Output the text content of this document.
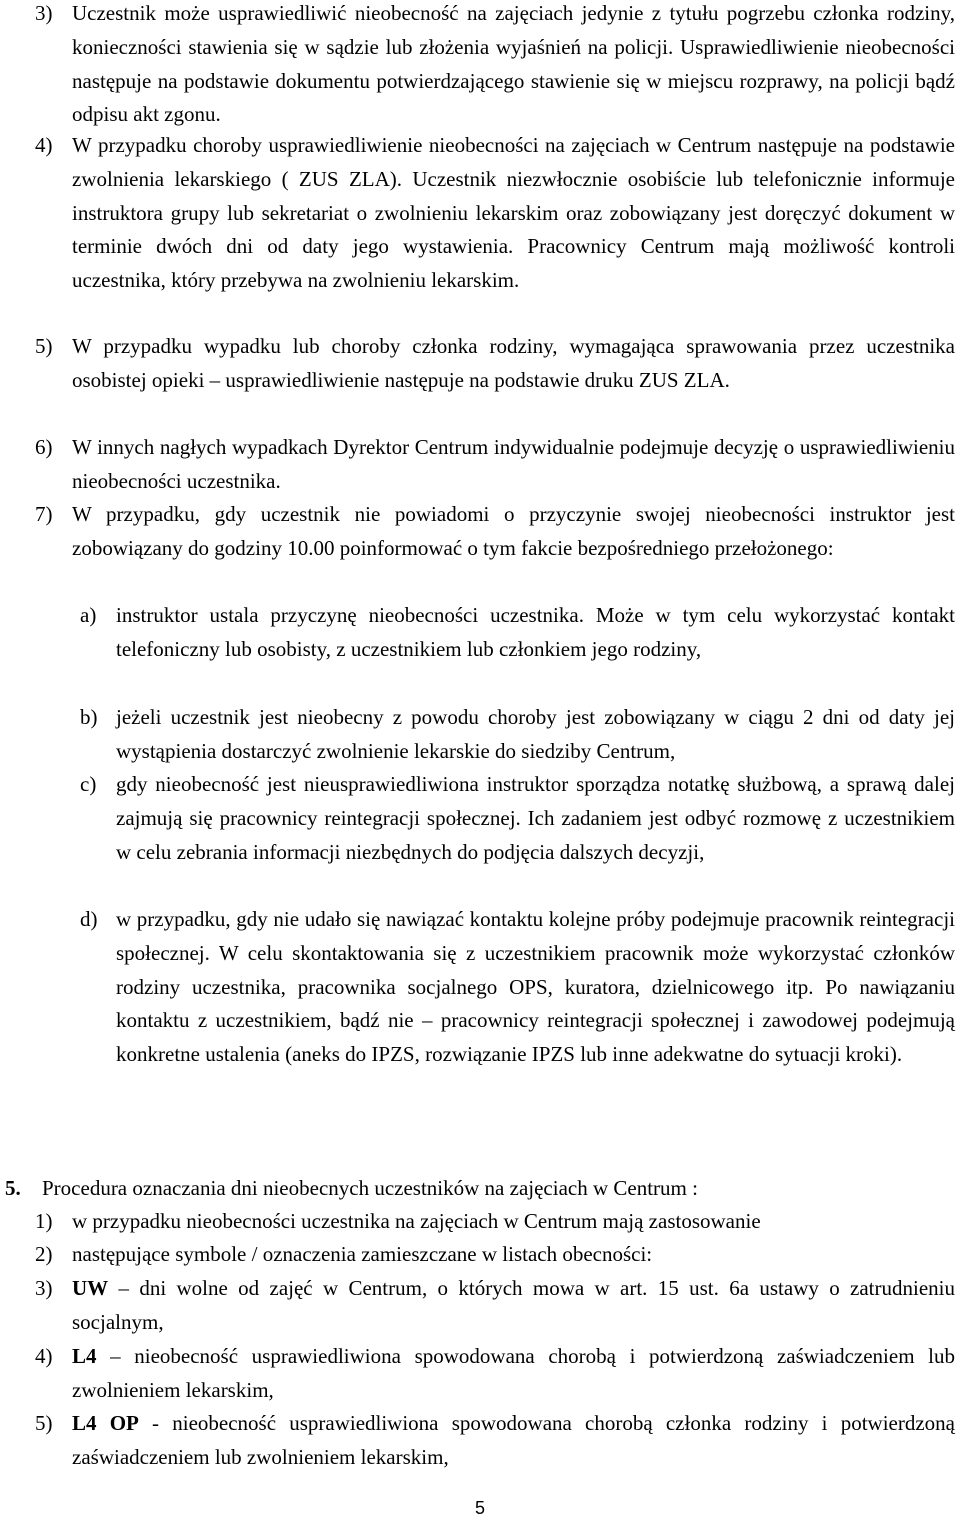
3) Uczestnik może usprawiedliwić nieobecność na zajęciach jedynie z tytułu pogrzebu członka rodziny, konieczności stawienia się w sądzie lub złożenia wyjaśnień na policji. Usprawiedliwienie nieobecności następuje na podstawie dokumentu potwierdzającego stawienie się w miejscu rozprawy, na policji bądź odpisu akt zgonu.
4) W przypadku choroby usprawiedliwienie nieobecności na zajęciach w Centrum następuje na podstawie zwolnienia lekarskiego ( ZUS ZLA). Uczestnik niezwłocznie osobiście lub telefonicznie informuje instruktora grupy lub sekretariat o zwolnieniu lekarskim oraz zobowiązany jest doręczyć dokument w terminie dwóch dni od daty jego wystawienia. Pracownicy Centrum mają możliwość kontroli uczestnika, który przebywa na zwolnieniu lekarskim.
5) W przypadku wypadku lub choroby członka rodziny, wymagająca sprawowania przez uczestnika osobistej opieki – usprawiedliwienie następuje na podstawie druku ZUS ZLA.
6) W innych nagłych wypadkach Dyrektor Centrum indywidualnie podejmuje decyzję o usprawiedliwieniu nieobecności uczestnika.
7) W przypadku, gdy uczestnik nie powiadomi o przyczynie swojej nieobecności instruktor jest zobowiązany do godziny 10.00 poinformować o tym fakcie bezpośredniego przełożonego:
a) instruktor ustala przyczynę nieobecności uczestnika. Może w tym celu wykorzystać kontakt telefoniczny lub osobisty, z uczestnikiem lub członkiem jego rodziny,
b) jeżeli uczestnik jest nieobecny z powodu choroby jest zobowiązany w ciągu 2 dni od daty jej wystąpienia dostarczyć zwolnienie lekarskie do siedziby Centrum,
c) gdy nieobecność jest nieusprawiedliwiona instruktor sporządza notatkę służbową, a sprawą dalej zajmują się pracownicy reintegracji społecznej. Ich zadaniem jest odbyć rozmowę z uczestnikiem w celu zebrania informacji niezbędnych do podjęcia dalszych decyzji,
d) w przypadku, gdy nie udało się nawiązać kontaktu kolejne próby podejmuje pracownik reintegracji społecznej. W celu skontaktowania się z uczestnikiem pracownik może wykorzystać członków rodziny uczestnika, pracownika socjalnego OPS, kuratora, dzielnicowego itp. Po nawiązaniu kontaktu z uczestnikiem, bądź nie – pracownicy reintegracji społecznej i zawodowej podejmują konkretne ustalenia (aneks do IPZS, rozwiązanie IPZS lub inne adekwatne do sytuacji kroki).
5. Procedura oznaczania dni nieobecnych uczestników na zajęciach w Centrum :
1) w przypadku nieobecności uczestnika na zajęciach w Centrum mają zastosowanie
2) następujące symbole / oznaczenia zamieszczane w listach obecności:
3) UW – dni wolne od zajęć w Centrum, o których mowa w art. 15 ust. 6a ustawy o zatrudnieniu socjalnym,
4) L4 – nieobecność usprawiedliwiona spowodowana chorobą i potwierdzoną zaświadczeniem lub zwolnieniem lekarskim,
5) L4 OP - nieobecność usprawiedliwiona spowodowana chorobą członka rodziny i potwierdzoną zaświadczeniem lub zwolnieniem lekarskim,
5
